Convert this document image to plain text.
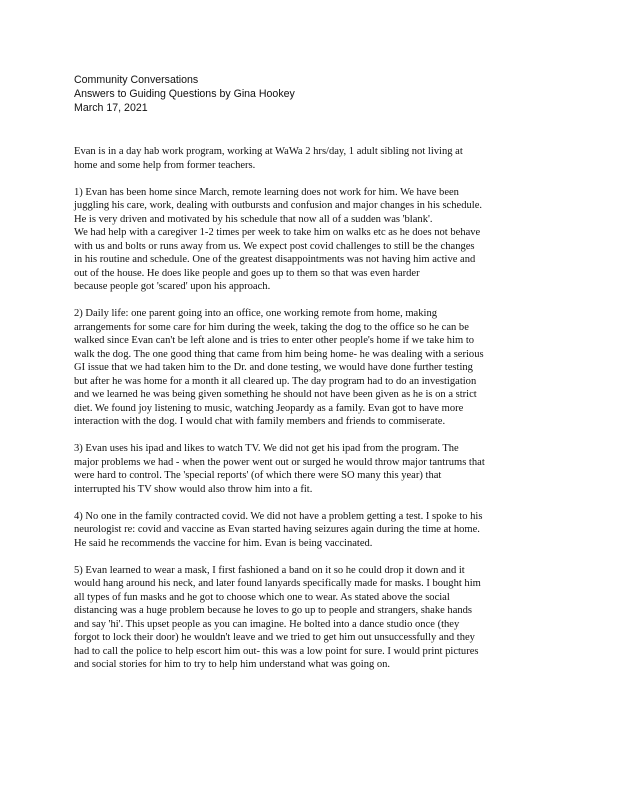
Community Conversations
Answers to Guiding Questions by Gina Hookey
March 17, 2021
Evan is in a day hab work program, working at WaWa 2 hrs/day, 1 adult sibling not living at
home and some help from former teachers.
1) Evan has been home since March, remote learning does not work for him. We have been
juggling his care, work, dealing with outbursts and confusion and major changes in his schedule.
He is very driven and motivated by his schedule that now all of a sudden was 'blank'.
We had help with a caregiver 1-2 times per week to take him on walks etc as he does not behave
with us and bolts or runs away from us. We expect post covid challenges to still be the changes
in his routine and schedule. One of the greatest disappointments was not having him active and
out of the house. He does like people and goes up to them so that was even harder
because people got 'scared' upon his approach.
2) Daily life: one parent going into an office, one working remote from home, making
arrangements for some care for him during the week, taking the dog to the office so he can be
walked since Evan can't be left alone and is tries to enter other people's home if we take him to
walk the dog. The one good thing that came from him being home- he was dealing with a serious
GI issue that we had taken him to the Dr. and done testing, we would have done further testing
but after he was home for a month it all cleared up. The day program had to do an investigation
and we learned he was being given something he should not have been given as he is on a strict
diet. We found joy listening to music, watching Jeopardy as a family. Evan got to have more
interaction with the dog. I would chat with family members and friends to commiserate.
3) Evan uses his ipad and likes to watch TV. We did not get his ipad from the program. The
major problems we had - when the power went out or surged he would throw major tantrums that
were hard to control. The 'special reports' (of which there were SO many this year) that
interrupted his TV show would also throw him into a fit.
4) No one in the family contracted covid. We did not have a problem getting a test. I spoke to his
neurologist re: covid and vaccine as Evan started having seizures again during the time at home.
He said he recommends the vaccine for him. Evan is being vaccinated.
5) Evan learned to wear a mask, I first fashioned a band on it so he could drop it down and it
would hang around his neck, and later found lanyards specifically made for masks. I bought him
all types of fun masks and he got to choose which one to wear. As stated above the social
distancing was a huge problem because he loves to go up to people and strangers, shake hands
and say 'hi'. This upset people as you can imagine. He bolted into a dance studio once (they
forgot to lock their door) he wouldn't leave and we tried to get him out unsuccessfully and they
had to call the police to help escort him out- this was a low point for sure. I would print pictures
and social stories for him to try to help him understand what was going on.
